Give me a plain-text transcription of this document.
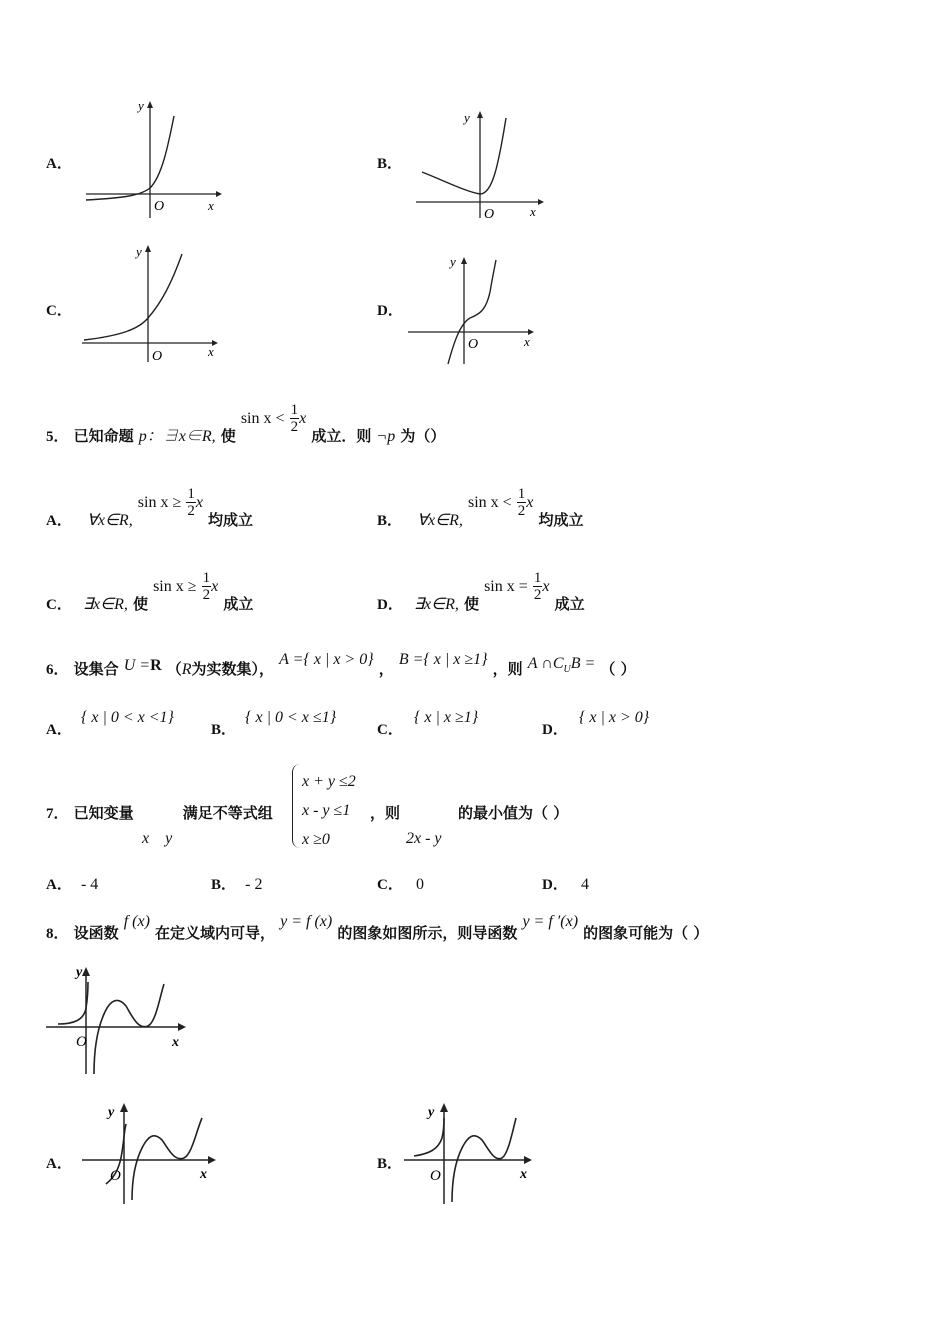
A．
y
O	x
B．
y
O	x
C．
y
O	x
D．
y
O	x
5． 已知命题 p：∃x∈R, 使 $\sin x < \frac{1}{2}$ x 成立．则 ¬p 为（）
A． ∀x∈R, $\sin x \ge \frac{1}{2}$ x 均成立	B． ∀x∈R, $\sin x < \frac{1}{2}$ x 均成立
C． ∃x∈R, 使 $\sin x \ge \frac{1}{2}$ x 成立	D． ∃x∈R, 使 $\sin x = \frac{1}{2}$ x 成立
6． 设集合 U =R （R为实数集）， A ={ x | x > 0} ， B ={ x | x ≥1} ，则 A $\cap C_UB$ = （ ）
A． { x | 0 < x <1}
B． { x | 0 < x ≤1}
C． { x | x ≥1}
D． { x | x > 0}
7． 已知变量	满足不等式组
x    y
x + y ≤2
x - y ≤1
x ≥0
，则	的最小值为（ ）
2x - y
A． - 4	B． - 2	C． 0	D． 4
8． 设函数 f (x) 在定义域内可导， y = f (x) 的图象如图所示，则导函数 y = f ′(x) 的图象可能为（ ）
y
O	x
A．
y
O	x
B．
y
O	x
